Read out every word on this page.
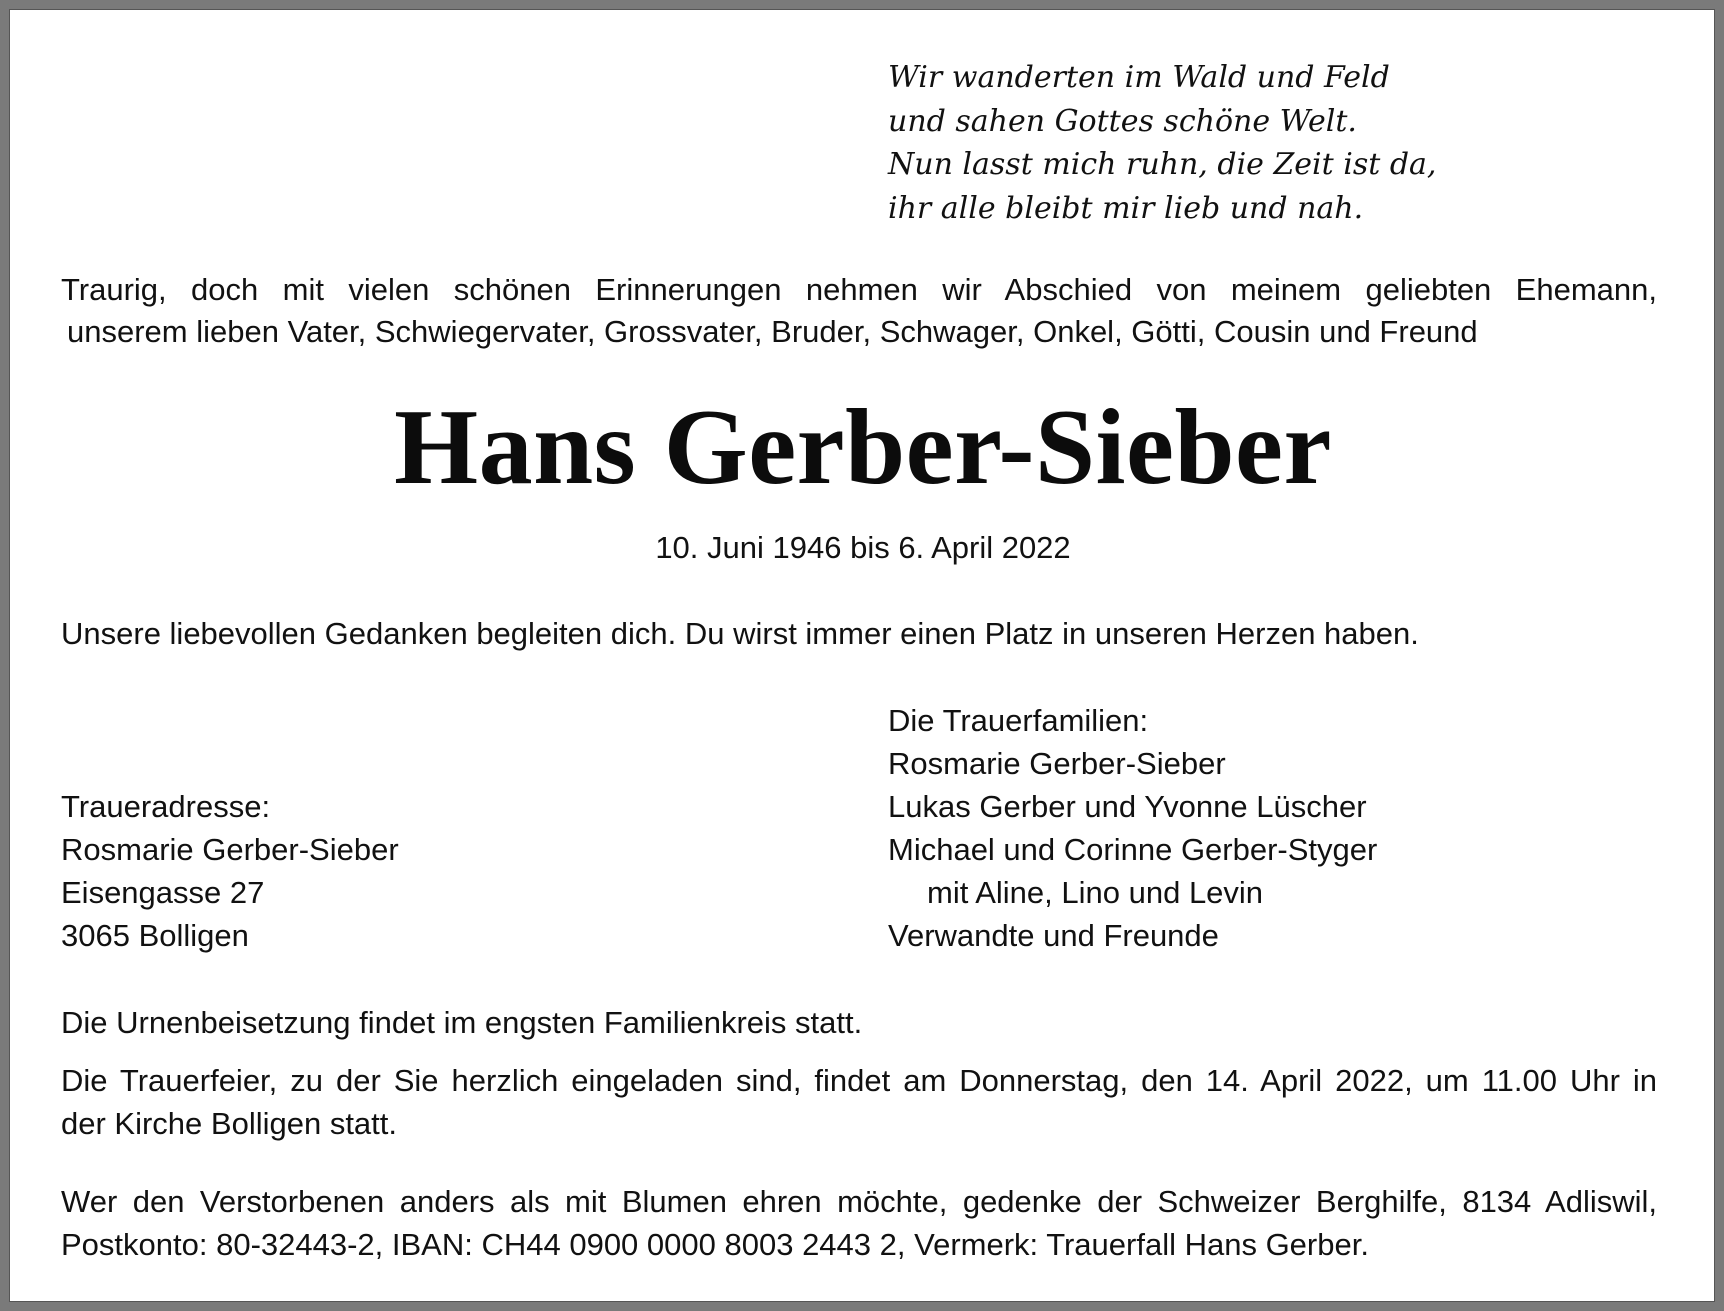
Wir wanderten im Wald und Feld
und sahen Gottes schöne Welt.
Nun lasst mich ruhn, die Zeit ist da,
ihr alle bleibt mir lieb und nah.
Traurig, doch mit vielen schönen Erinnerungen nehmen wir Abschied von meinem geliebten Ehemann,
unserem lieben Vater, Schwiegervater, Grossvater, Bruder, Schwager, Onkel, Götti, Cousin und Freund
Hans Gerber-Sieber
10. Juni 1946 bis 6. April 2022
Unsere liebevollen Gedanken begleiten dich. Du wirst immer einen Platz in unseren Herzen haben.
Die Trauerfamilien:
Rosmarie Gerber-Sieber
Lukas Gerber und Yvonne Lüscher
Michael und Corinne Gerber-Styger
mit Aline, Lino und Levin
Verwandte und Freunde
Traueradresse:
Rosmarie Gerber-Sieber
Eisengasse 27
3065 Bolligen
Die Urnenbeisetzung findet im engsten Familienkreis statt.
Die Trauerfeier, zu der Sie herzlich eingeladen sind, findet am Donnerstag, den 14. April 2022, um 11.00 Uhr in
der Kirche Bolligen statt.
Wer den Verstorbenen anders als mit Blumen ehren möchte, gedenke der Schweizer Berghilfe, 8134 Adliswil,
Postkonto: 80-32443-2, IBAN: CH44 0900 0000 8003 2443 2, Vermerk: Trauerfall Hans Gerber.
